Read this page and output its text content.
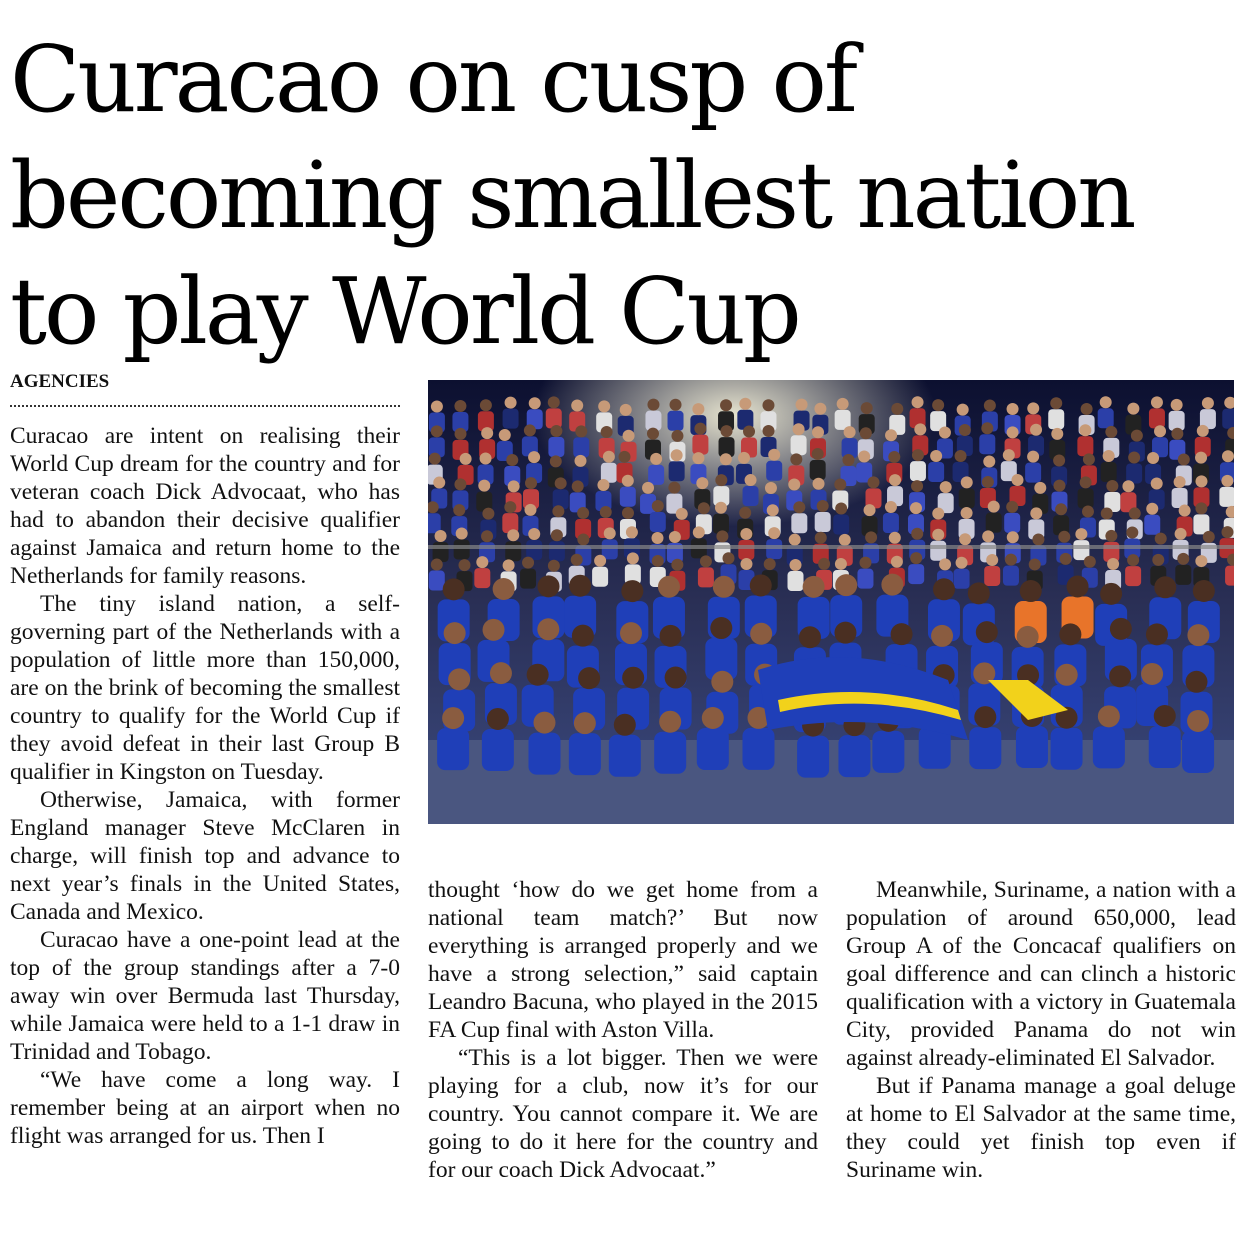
Curacao on cusp of
becoming smallest nation
to play World Cup
AGENCIES

Curacao are intent on realising their World Cup dream for the country and for veteran coach Dick Advocaat, who has had to abandon their decisive qualifier against Jamaica and return home to the Netherlands for family reasons.

The tiny island nation, a self-governing part of the Netherlands with a population of little more than 150,000, are on the brink of becoming the smallest country to qualify for the World Cup if they avoid defeat in their last Group B qualifier in Kingston on Tuesday.

Otherwise, Jamaica, with former England manager Steve McClaren in charge, will finish top and advance to next year’s finals in the United States, Canada and Mexico.

Curacao have a one-point lead at the top of the group standings after a 7-0 away win over Bermuda last Thursday, while Jamaica were held to a 1-1 draw in Trinidad and Tobago.

“We have come a long way. I remember being at an airport when no flight was arranged for us. Then I

thought ‘how do we get home from a national team match?’ But now everything is arranged properly and we have a strong selection,” said captain Leandro Bacuna, who played in the 2015 FA Cup final with Aston Villa.

“This is a lot bigger. Then we were playing for a club, now it’s for our country. You cannot compare it. We are going to do it here for the country and for our coach Dick Advocaat.”

Meanwhile, Suriname, a nation with a population of around 650,000, lead Group A of the Concacaf qualifiers on goal difference and can clinch a historic qualification with a victory in Guatemala City, provided Panama do not win against already-eliminated El Salvador.

But if Panama manage a goal deluge at home to El Salvador at the same time, they could yet finish top even if Suriname win.
